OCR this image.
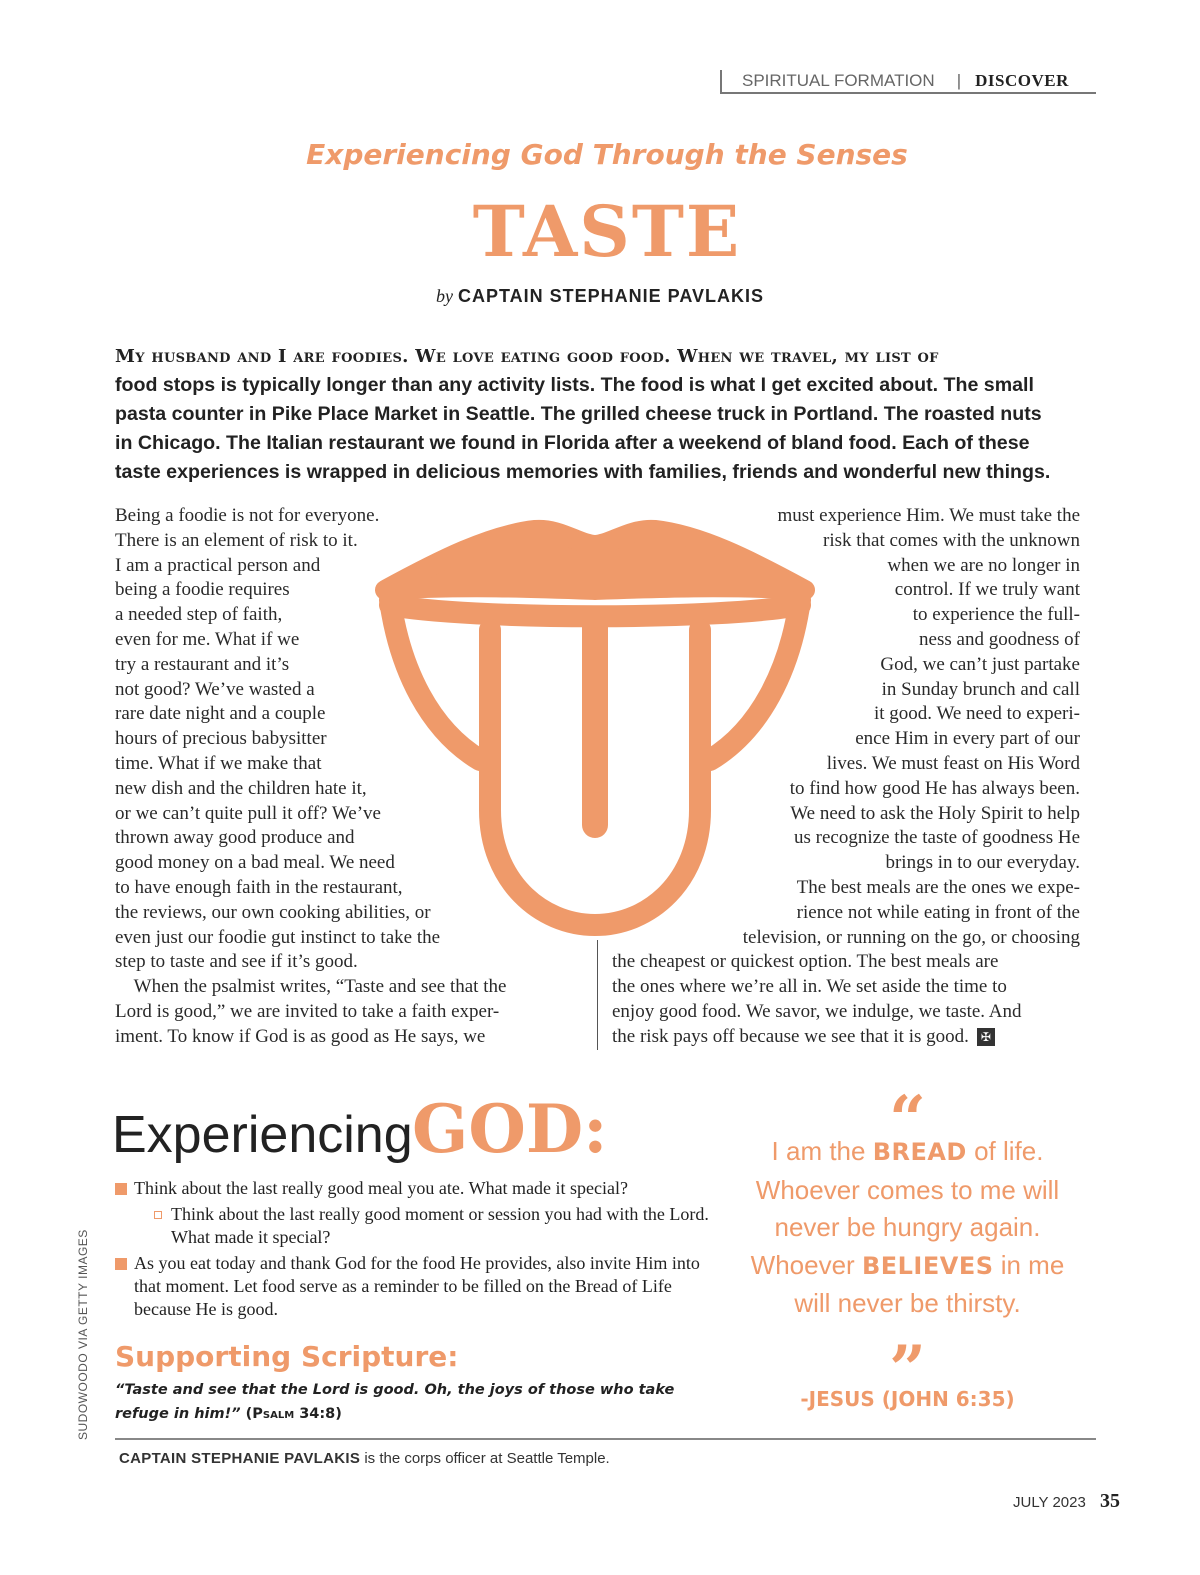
SPIRITUAL FORMATION | DISCOVER
Experiencing God Through the Senses
TASTE
by CAPTAIN STEPHANIE PAVLAKIS
My husband and I are foodies. We love eating good food. When we travel, my list of
food stops is typically longer than any activity lists. The food is what I get excited about. The small
pasta counter in Pike Place Market in Seattle. The grilled cheese truck in Portland. The roasted nuts
in Chicago. The Italian restaurant we found in Florida after a weekend of bland food. Each of these
taste experiences is wrapped in delicious memories with families, friends and wonderful new things.
Being a foodie is not for everyone.
There is an element of risk to it.
I am a practical person and
being a foodie requires
a needed step of faith,
even for me. What if we
try a restaurant and it’s
not good? We’ve wasted a
rare date night and a couple
hours of precious babysitter
time. What if we make that
new dish and the children hate it,
or we can’t quite pull it off? We’ve
thrown away good produce and
good money on a bad meal. We need
to have enough faith in the restaurant,
the reviews, our own cooking abilities, or
even just our foodie gut instinct to take the
step to taste and see if it’s good.
When the psalmist writes, “Taste and see that the
Lord is good,” we are invited to take a faith exper-
iment. To know if God is as good as He says, we
must experience Him. We must take the
risk that comes with the unknown
when we are no longer in
control. If we truly want
to experience the full-
ness and goodness of
God, we can’t just partake
in Sunday brunch and call
it good. We need to experi-
ence Him in every part of our
lives. We must feast on His Word
to find how good He has always been.
We need to ask the Holy Spirit to help
us recognize the taste of goodness He
brings in to our everyday.
The best meals are the ones we expe-
rience not while eating in front of the
television, or running on the go, or choosing
the cheapest or quickest option. The best meals are
the ones where we’re all in. We set aside the time to
enjoy good food. We savor, we indulge, we taste. And
the risk pays off because we see that it is good. ✠
Experiencing GOD:
Think about the last really good meal you ate. What made it special?
Think about the last really good moment or session you had with the Lord. What made it special?
As you eat today and thank God for the food He provides, also invite Him into that moment. Let food serve as a reminder to be filled on the Bread of Life because He is good.
Supporting Scripture:
“Taste and see that the Lord is good. Oh, the joys of those who take refuge in him!” (Psalm 34:8)
SUDOWOODO VIA GETTY IMAGES
“
I am the BREAD of life.
Whoever comes to me will
never be hungry again.
Whoever BELIEVES in me
will never be thirsty.
”
-JESUS (JOHN 6:35)
CAPTAIN STEPHANIE PAVLAKIS is the corps officer at Seattle Temple.
JULY 2023 35
